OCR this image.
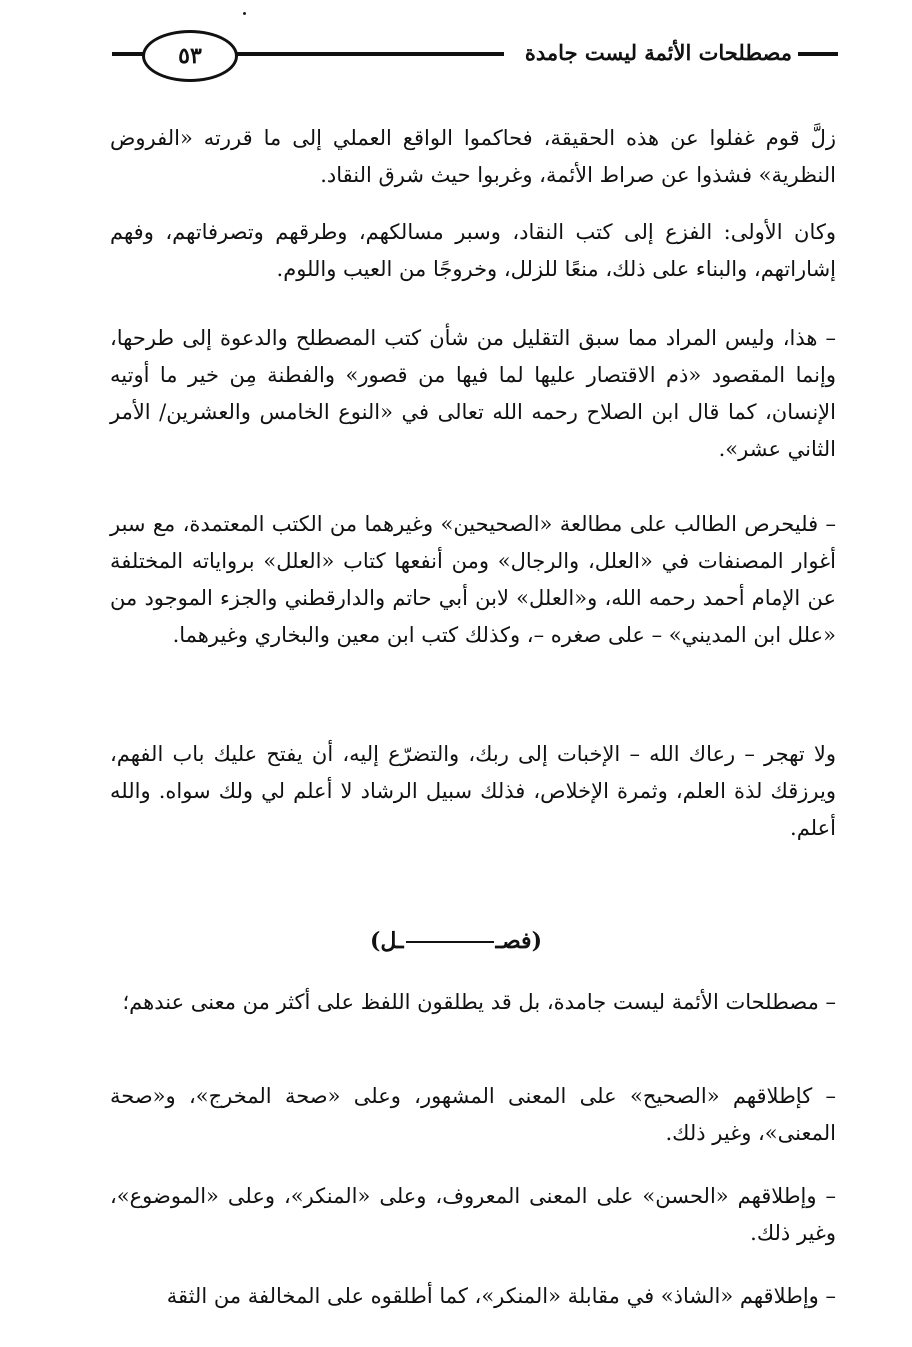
مصطلحات الأئمة ليست جامدة
٥٣

زلَّ قوم غفلوا عن هذه الحقيقة، فحاكموا الواقع العملي إلى ما قررته «الفروض النظرية» فشذوا عن صراط الأئمة، وغربوا حيث شرق النقاد.

وكان الأولى: الفزع إلى كتب النقاد، وسبر مسالكهم، وطرقهم وتصرفاتهم، وفهم إشاراتهم، والبناء على ذلك، منعًا للزلل، وخروجًا من العيب واللوم.

– هذا، وليس المراد مما سبق التقليل من شأن كتب المصطلح والدعوة إلى طرحها، وإنما المقصود «ذم الاقتصار عليها لما فيها من قصور» والفطنة مِن خير ما أوتيه الإنسان، كما قال ابن الصلاح رحمه الله تعالى في «النوع الخامس والعشرين/ الأمر الثاني عشر».

– فليحرص الطالب على مطالعة «الصحيحين» وغيرهما من الكتب المعتمدة، مع سبر أغوار المصنفات في «العلل، والرجال» ومن أنفعها كتاب «العلل» برواياته المختلفة عن الإمام أحمد رحمه الله، و«العلل» لابن أبي حاتم والدارقطني والجزء الموجود من «علل ابن المديني» – على صغره –، وكذلك كتب ابن معين والبخاري وغيرهما.

ولا تهجر – رعاك الله – الإخبات إلى ربك، والتضرّع إليه، أن يفتح عليك باب الفهم، ويرزقك لذة العلم، وثمرة الإخلاص، فذلك سبيل الرشاد لا أعلم لي ولك سواه. والله أعلم.

(فصــل)

– مصطلحات الأئمة ليست جامدة، بل قد يطلقون اللفظ على أكثر من معنى عندهم؛

– كإطلاقهم «الصحيح» على المعنى المشهور، وعلى «صحة المخرج»، و«صحة المعنى»، وغير ذلك.

– وإطلاقهم «الحسن» على المعنى المعروف، وعلى «المنكر»، وعلى «الموضوع»، وغير ذلك.

– وإطلاقهم «الشاذ» في مقابلة «المنكر»، كما أطلقوه على المخالفة من الثقة
